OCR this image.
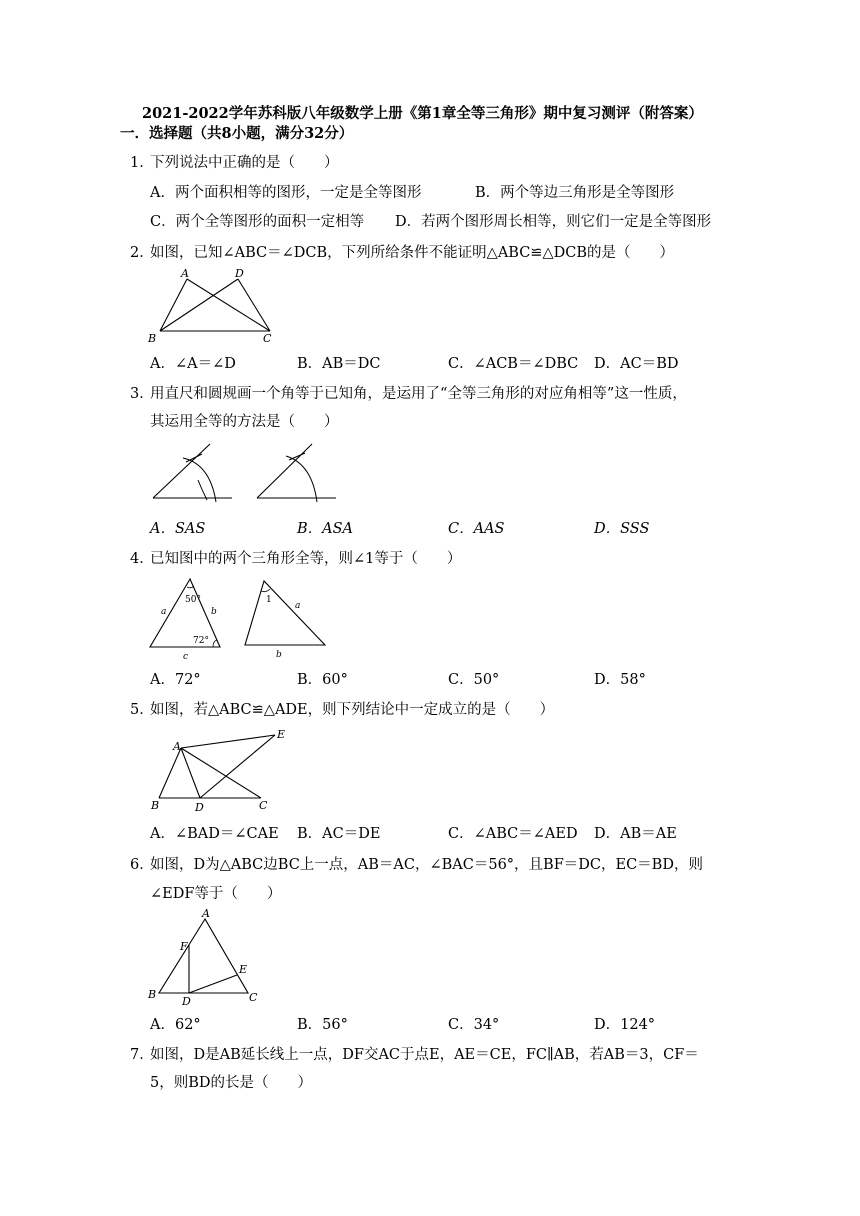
2021-2022学年苏科版八年级数学上册《第1章全等三角形》期中复习测评（附答案）
一．选择题（共8小题，满分32分）
1．
下列说法中正确的是（　　）
A．两个面积相等的图形，一定是全等图形	B．两个等边三角形是全等图形
C．两个全等图形的面积一定相等 D．若两个图形周长相等，则它们一定是全等图形
2．
如图，已知∠ABC＝∠DCB，下列所给条件不能证明△ABC≌△DCB的是（　　）
A	D
B	C
A．∠A＝∠D	B．AB＝DC	C．∠ACB＝∠DBC D．AC＝BD
3．
用直尺和圆规画一个角等于已知角，是运用了“全等三角形的对应角相等”这一性质，
其运用全等的方法是（　　）
A．SAS	B．ASA	C．AAS	D．SSS
4．
已知图中的两个三角形全等，则∠1等于（　　）
50°
a	b
72°
c
1
a
b
A．72°	B．60°	C．50°	D．58°
5．
如图，若△ABC≌△ADE，则下列结论中一定成立的是（　　）
A
E
B	D	C
A．∠BAD＝∠CAE B．AC＝DE	C．∠ABC＝∠AED D．AB＝AE
6．
如图，D为△ABC边BC上一点，AB＝AC，∠BAC＝56°，且BF＝DC，EC＝BD，则
∠EDF等于（　　）
A
F
E
B
D	C
A．62°	B．56°	C．34°	D．124°
7．
如图，D是AB延长线上一点，DF交AC于点E，AE＝CE，FC∥AB，若AB＝3，CF＝
5，则BD的长是（　　）
